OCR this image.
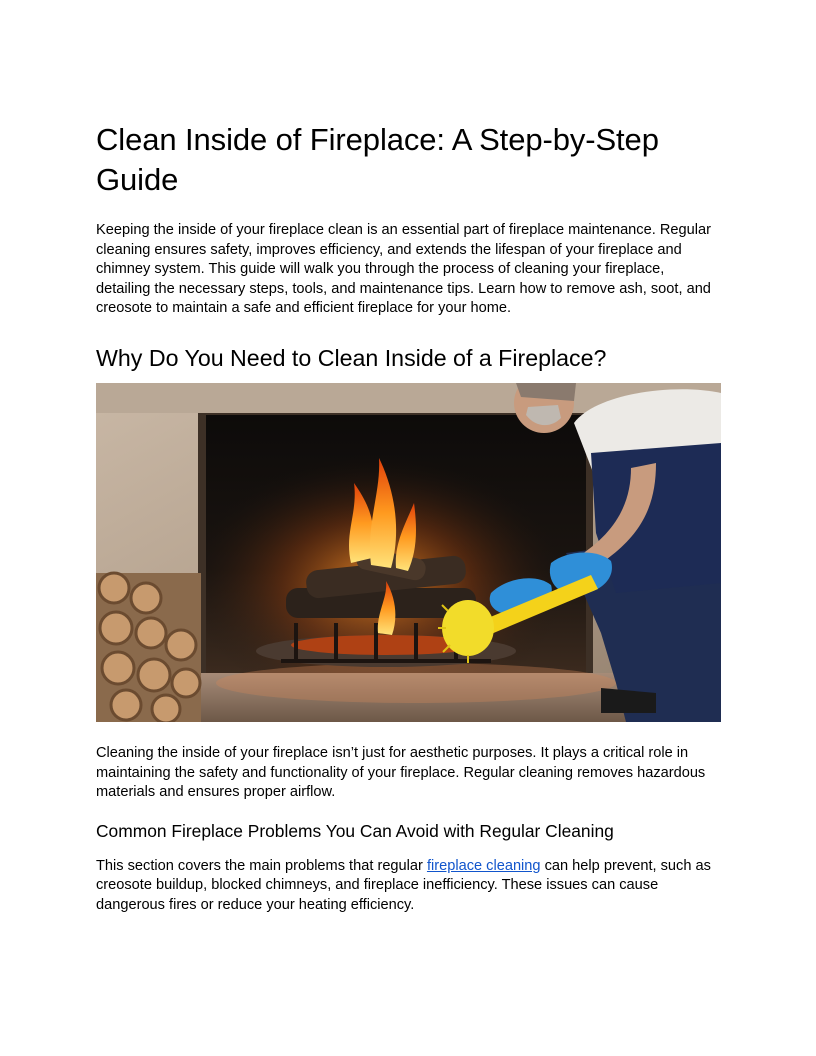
Clean Inside of Fireplace: A Step-by-Step Guide

Keeping the inside of your fireplace clean is an essential part of fireplace maintenance. Regular cleaning ensures safety, improves efficiency, and extends the lifespan of your fireplace and chimney system. This guide will walk you through the process of cleaning your fireplace, detailing the necessary steps, tools, and maintenance tips. Learn how to remove ash, soot, and creosote to maintain a safe and efficient fireplace for your home.

Why Do You Need to Clean Inside of a Fireplace?

Cleaning the inside of your fireplace isn’t just for aesthetic purposes. It plays a critical role in maintaining the safety and functionality of your fireplace. Regular cleaning removes hazardous materials and ensures proper airflow.

Common Fireplace Problems You Can Avoid with Regular Cleaning

This section covers the main problems that regular fireplace cleaning can help prevent, such as creosote buildup, blocked chimneys, and fireplace inefficiency. These issues can cause dangerous fires or reduce your heating efficiency.
